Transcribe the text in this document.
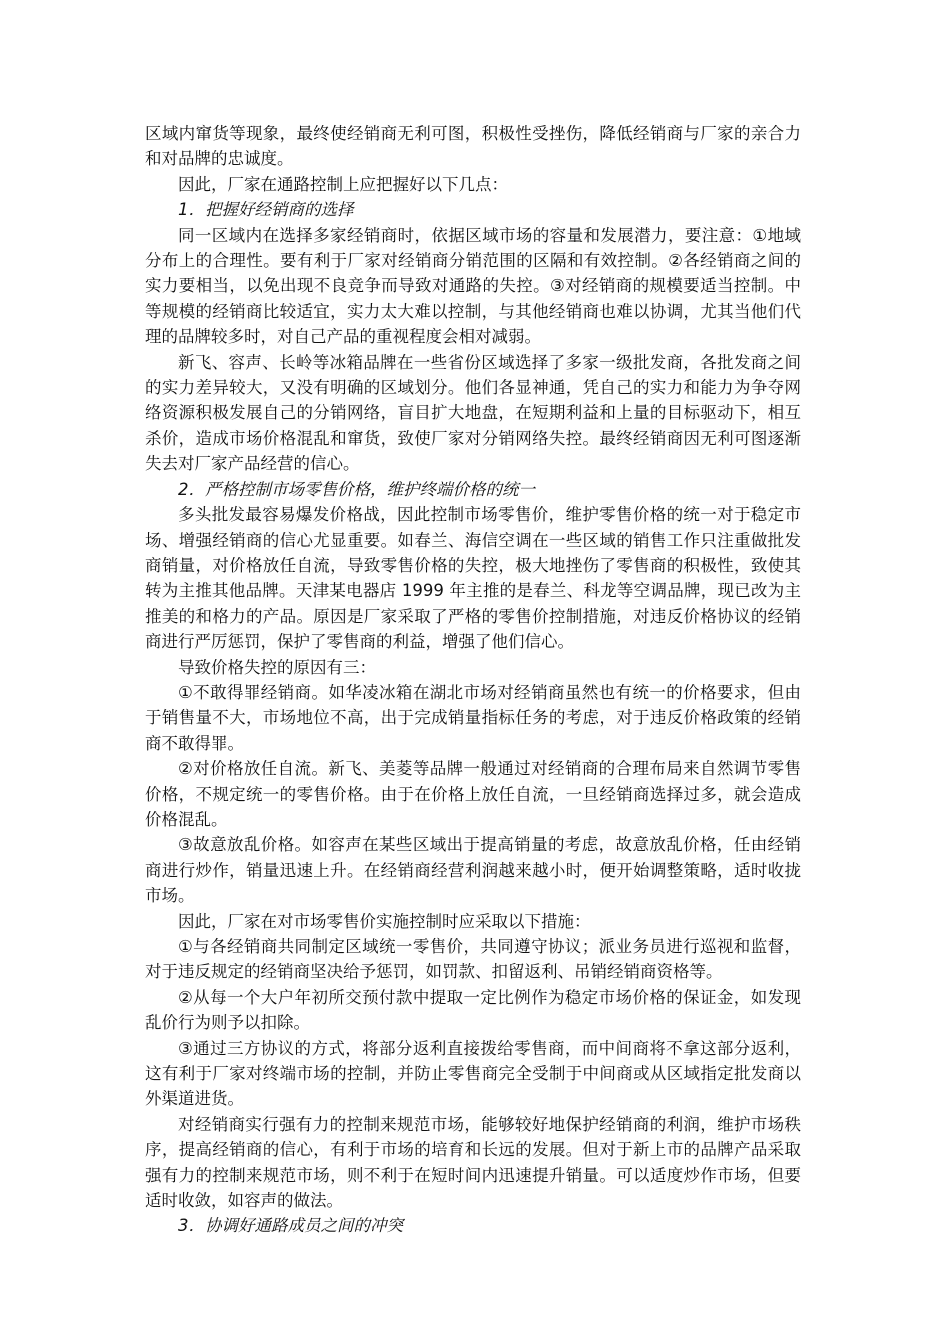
区域内窜货等现象，最终使经销商无利可图，积极性受挫伤，降低经销商与厂家的亲合力和对品牌的忠诚度。

因此，厂家在通路控制上应把握好以下几点：

1．把握好经销商的选择

同一区域内在选择多家经销商时，依据区域市场的容量和发展潜力，要注意：①地域分布上的合理性。要有利于厂家对经销商分销范围的区隔和有效控制。②各经销商之间的实力要相当，以免出现不良竞争而导致对通路的失控。③对经销商的规模要适当控制。中等规模的经销商比较适宜，实力太大难以控制，与其他经销商也难以协调，尤其当他们代理的品牌较多时，对自己产品的重视程度会相对减弱。

新飞、容声、长岭等冰箱品牌在一些省份区域选择了多家一级批发商，各批发商之间的实力差异较大，又没有明确的区域划分。他们各显神通，凭自己的实力和能力为争夺网络资源积极发展自己的分销网络，盲目扩大地盘，在短期利益和上量的目标驱动下，相互杀价，造成市场价格混乱和窜货，致使厂家对分销网络失控。最终经销商因无利可图逐渐失去对厂家产品经营的信心。

2．严格控制市场零售价格，维护终端价格的统一

多头批发最容易爆发价格战，因此控制市场零售价，维护零售价格的统一对于稳定市场、增强经销商的信心尤显重要。如春兰、海信空调在一些区域的销售工作只注重做批发商销量，对价格放任自流，导致零售价格的失控，极大地挫伤了零售商的积极性，致使其转为主推其他品牌。天津某电器店 1999 年主推的是春兰、科龙等空调品牌，现已改为主推美的和格力的产品。原因是厂家采取了严格的零售价控制措施，对违反价格协议的经销商进行严厉惩罚，保护了零售商的利益，增强了他们信心。

导致价格失控的原因有三：

①不敢得罪经销商。如华凌冰箱在湖北市场对经销商虽然也有统一的价格要求，但由于销售量不大，市场地位不高，出于完成销量指标任务的考虑，对于违反价格政策的经销商不敢得罪。

②对价格放任自流。新飞、美菱等品牌一般通过对经销商的合理布局来自然调节零售价格，不规定统一的零售价格。由于在价格上放任自流，一旦经销商选择过多，就会造成价格混乱。

③故意放乱价格。如容声在某些区域出于提高销量的考虑，故意放乱价格，任由经销商进行炒作，销量迅速上升。在经销商经营利润越来越小时，便开始调整策略，适时收拢市场。

因此，厂家在对市场零售价实施控制时应采取以下措施：

①与各经销商共同制定区域统一零售价，共同遵守协议；派业务员进行巡视和监督，对于违反规定的经销商坚决给予惩罚，如罚款、扣留返利、吊销经销商资格等。

②从每一个大户年初所交预付款中提取一定比例作为稳定市场价格的保证金，如发现乱价行为则予以扣除。

③通过三方协议的方式，将部分返利直接拨给零售商，而中间商将不拿这部分返利，这有利于厂家对终端市场的控制，并防止零售商完全受制于中间商或从区域指定批发商以外渠道进货。

对经销商实行强有力的控制来规范市场，能够较好地保护经销商的利润，维护市场秩序，提高经销商的信心，有利于市场的培育和长远的发展。但对于新上市的品牌产品采取强有力的控制来规范市场，则不利于在短时间内迅速提升销量。可以适度炒作市场，但要适时收敛，如容声的做法。

3．协调好通路成员之间的冲突
